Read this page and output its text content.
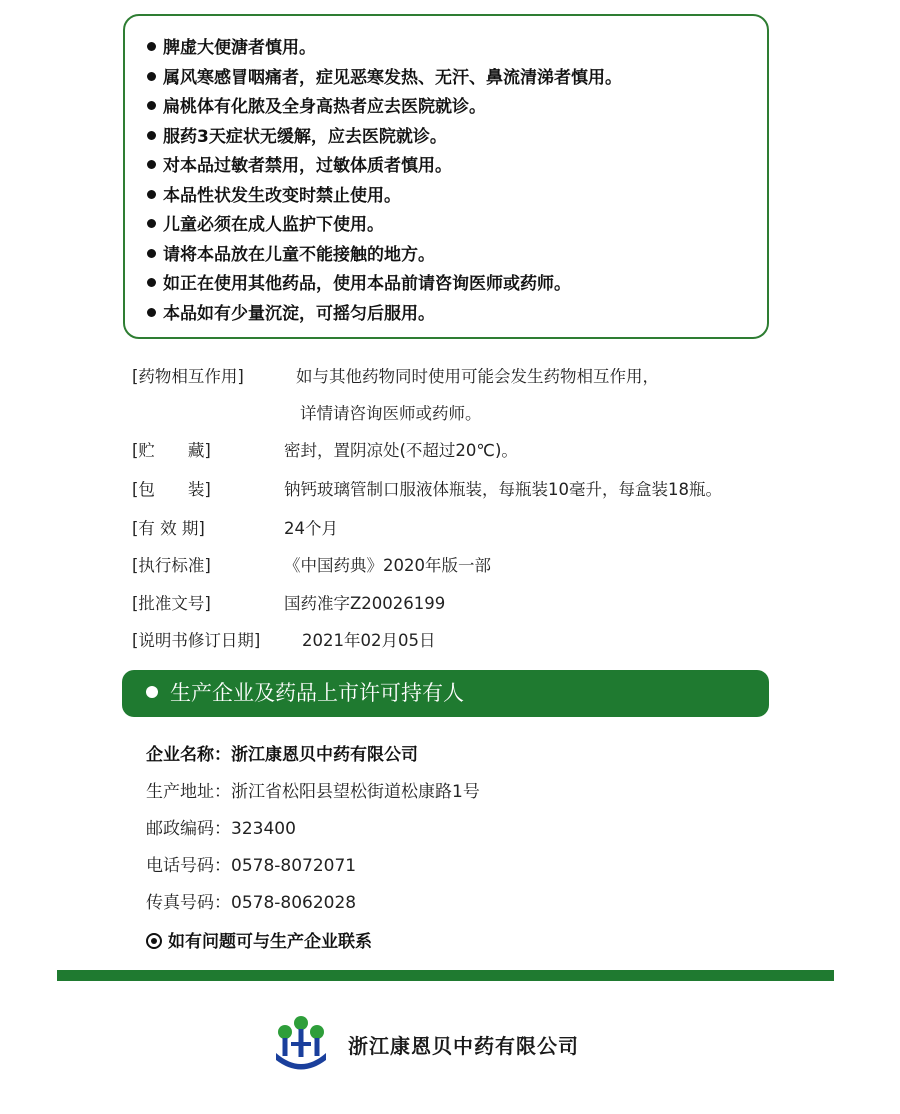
脾虚大便溏者慎用。
属风寒感冒咽痛者，症见恶寒发热、无汗、鼻流清涕者慎用。
扁桃体有化脓及全身高热者应去医院就诊。
服药3天症状无缓解，应去医院就诊。
对本品过敏者禁用，过敏体质者慎用。
本品性状发生改变时禁止使用。
儿童必须在成人监护下使用。
请将本品放在儿童不能接触的地方。
如正在使用其他药品，使用本品前请咨询医师或药师。
本品如有少量沉淀，可摇匀后服用。
[药物相互作用]	如与其他药物同时使用可能会发生药物相互作用，
详情请咨询医师或药师。
[贮　　藏]	密封，置阴凉处(不超过20℃)。
[包　　装]	钠钙玻璃管制口服液体瓶装，每瓶装10毫升，每盒装18瓶。
[有 效 期]	24个月
[执行标准]	《中国药典》2020年版一部
[批准文号]	国药准字Z20026199
[说明书修订日期]	2021年02月05日
生产企业及药品上市许可持有人
企业名称：浙江康恩贝中药有限公司
生产地址：浙江省松阳县望松街道松康路1号
邮政编码：323400
电话号码：0578-8072071
传真号码：0578-8062028
如有问题可与生产企业联系
浙江康恩贝中药有限公司
